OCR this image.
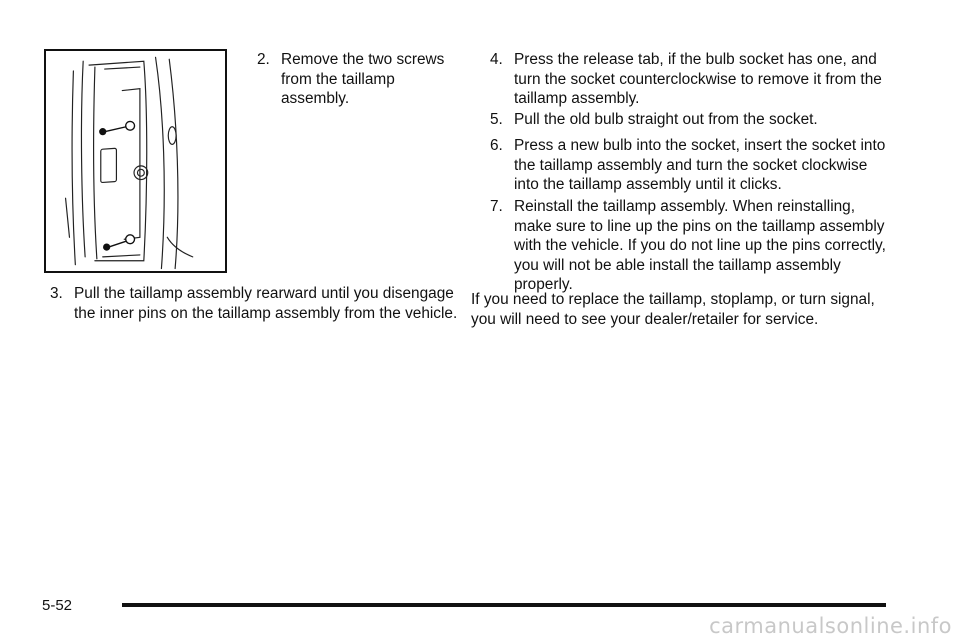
2. Remove the two screws from the taillamp assembly.

3. Pull the taillamp assembly rearward until you disengage the inner pins on the taillamp assembly from the vehicle.

4. Press the release tab, if the bulb socket has one, and turn the socket counterclockwise to remove it from the taillamp assembly.

5. Pull the old bulb straight out from the socket.

6. Press a new bulb into the socket, insert the socket into the taillamp assembly and turn the socket clockwise into the taillamp assembly until it clicks.

7. Reinstall the taillamp assembly. When reinstalling, make sure to line up the pins on the taillamp assembly with the vehicle. If you do not line up the pins correctly, you will not be able install the taillamp assembly properly.

If you need to replace the taillamp, stoplamp, or turn signal, you will need to see your dealer/retailer for service.

5-52

carmanualsonline.info
